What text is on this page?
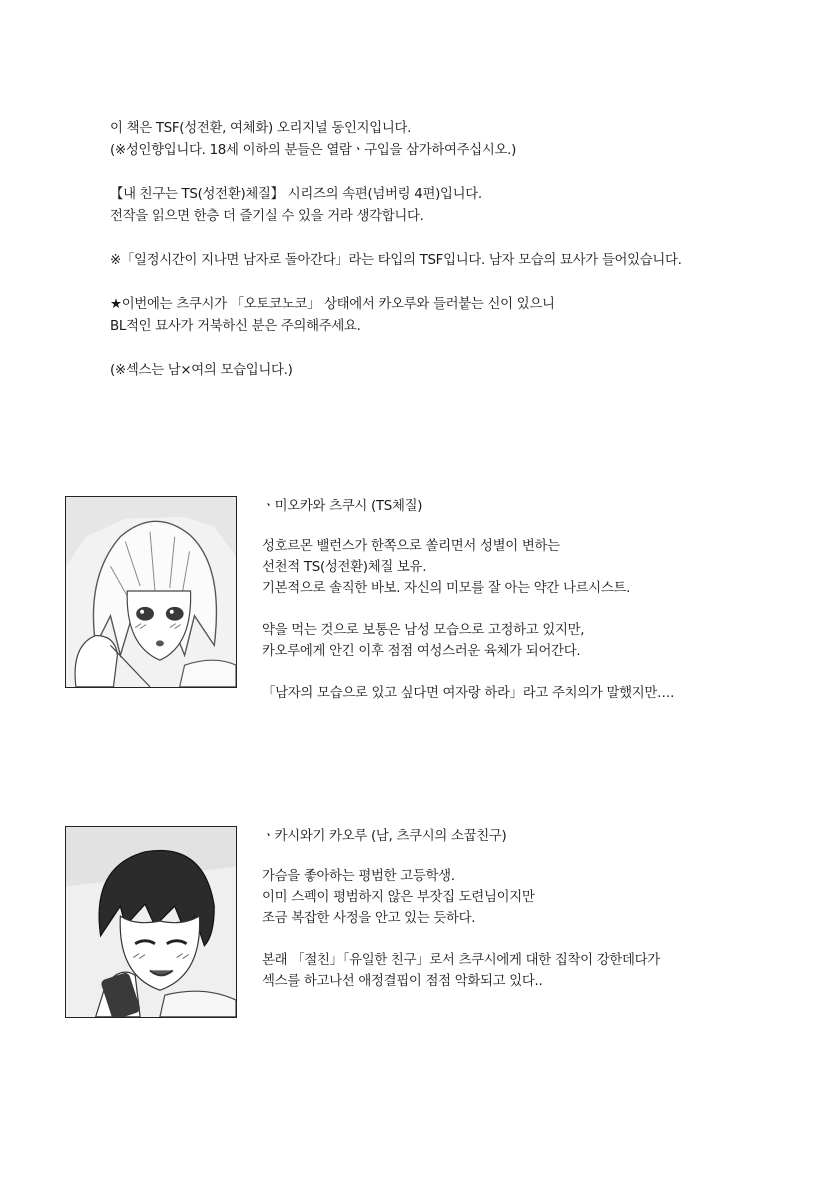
이 책은 TSF(성전환, 여체화) 오리지널 동인지입니다.

(※성인향입니다. 18세 이하의 분들은 열람ㆍ구입을 삼가하여주십시오.)

【내 친구는 TS(성전환)체질】 시리즈의 속편(넘버링 4편)입니다.

전작을 읽으면 한층 더 즐기실 수 있을 거라 생각합니다.

※「일정시간이 지나면 남자로 돌아간다」라는 타입의 TSF입니다. 남자 모습의 묘사가 들어있습니다.

★이번에는 츠쿠시가 「오토코노코」 상태에서 카오루와 들러붙는 신이 있으니

BL적인 묘사가 거북하신 분은 주의해주세요.

(※섹스는 남×여의 모습입니다.)

ㆍ미오카와 츠쿠시 (TS체질)

성호르몬 밸런스가 한쪽으로 쏠리면서 성별이 변하는

선천적 TS(성전환)체질 보유.

기본적으로 솔직한 바보. 자신의 미모를 잘 아는 약간 나르시스트.

약을 먹는 것으로 보통은 남성 모습으로 고정하고 있지만,

카오루에게 안긴 이후 점점 여성스러운 육체가 되어간다.

「남자의 모습으로 있고 싶다면 여자랑 하라」라고 주치의가 말했지만….

ㆍ카시와기 카오루 (남, 츠쿠시의 소꿉친구)

가슴을 좋아하는 평범한 고등학생.

이미 스펙이 평범하지 않은 부잣집 도련님이지만

조금 복잡한 사정을 안고 있는 듯하다.

본래 「절친」「유일한 친구」로서 츠쿠시에게 대한 집착이 강한데다가

섹스를 하고나선 애정결핍이 점점 악화되고 있다..
